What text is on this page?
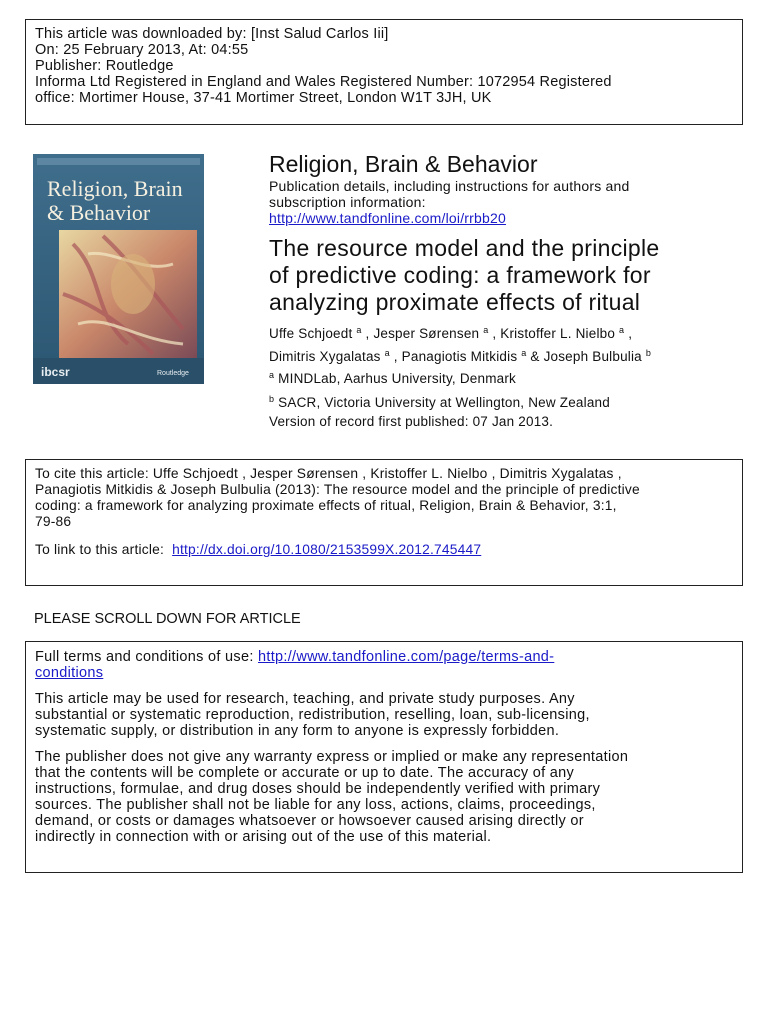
This article was downloaded by: [Inst Salud Carlos Iii]
On: 25 February 2013, At: 04:55
Publisher: Routledge
Informa Ltd Registered in England and Wales Registered Number: 1072954 Registered
office: Mortimer House, 37-41 Mortimer Street, London W1T 3JH, UK
Religion, Brain
& Behavior
ibcsr	Routledge
Religion, Brain & Behavior
Publication details, including instructions for authors and
subscription information:
http://www.tandfonline.com/loi/rrbb20
The resource model and the principle
of predictive coding: a framework for
analyzing proximate effects of ritual
Uffe Schjoedt $^a$ , Jesper Sørensen $^a$ , Kristoffer L. Nielbo $^a$ ,
Dimitris Xygalatas $^a$ , Panagiotis Mitkidis $^a$ & Joseph Bulbulia $^b$
$^a$ MINDLab, Aarhus University, Denmark
$^b$ SACR, Victoria University at Wellington, New Zealand
Version of record first published: 07 Jan 2013.
To cite this article: Uffe Schjoedt , Jesper Sørensen , Kristoffer L. Nielbo , Dimitris Xygalatas ,
Panagiotis Mitkidis & Joseph Bulbulia (2013): The resource model and the principle of predictive
coding: a framework for analyzing proximate effects of ritual, Religion, Brain & Behavior, 3:1,
79-86
To link to this article: http://dx.doi.org/10.1080/2153599X.2012.745447
PLEASE SCROLL DOWN FOR ARTICLE
Full terms and conditions of use: http://www.tandfonline.com/page/terms-and-
conditions
This article may be used for research, teaching, and private study purposes. Any
substantial or systematic reproduction, redistribution, reselling, loan, sub-licensing,
systematic supply, or distribution in any form to anyone is expressly forbidden.
The publisher does not give any warranty express or implied or make any representation
that the contents will be complete or accurate or up to date. The accuracy of any
instructions, formulae, and drug doses should be independently verified with primary
sources. The publisher shall not be liable for any loss, actions, claims, proceedings,
demand, or costs or damages whatsoever or howsoever caused arising directly or
indirectly in connection with or arising out of the use of this material.
